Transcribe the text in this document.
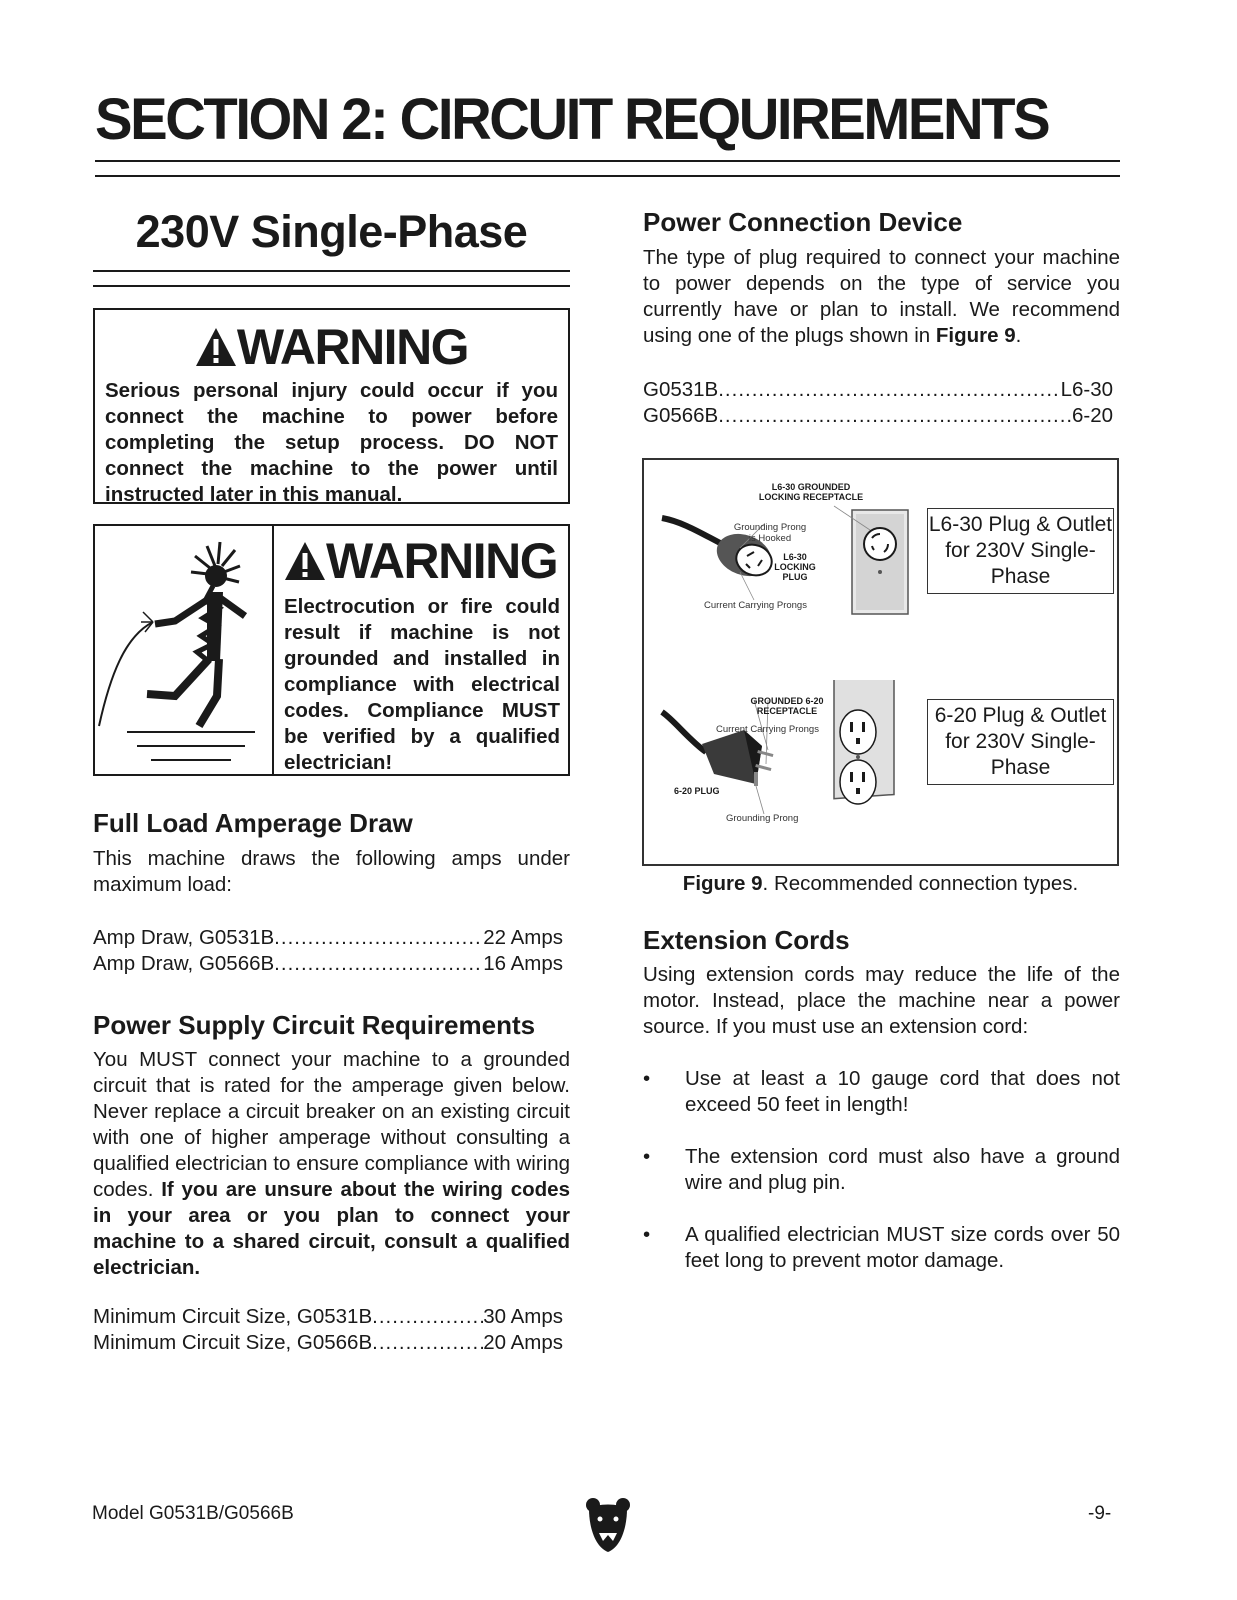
SECTION 2: CIRCUIT REQUIREMENTS
230V Single-Phase
WARNING
Serious personal injury could occur if you connect the machine to power before completing the setup process. DO NOT connect the machine to the power until instructed later in this manual.
WARNING
Electrocution or fire could result if machine is not grounded and installed in compliance with electrical codes. Compliance MUST be verified by a qualified electrician!
Full Load Amperage Draw
This machine draws the following amps under maximum load:
Amp Draw, G0531B .....	22 Amps
Amp Draw, G0566B .....	16 Amps
Power Supply Circuit Requirements
You MUST connect your machine to a grounded circuit that is rated for the amperage given below. Never replace a circuit breaker on an existing circuit with one of higher amperage without consulting a qualified electrician to ensure compliance with wiring codes. If you are unsure about the wiring codes in your area or you plan to connect your machine to a shared circuit, consult a qualified electrician.
Minimum Circuit Size, G0531B .....	30 Amps
Minimum Circuit Size, G0566B .....	20 Amps
Power Connection Device
The type of plug required to connect your machine to power depends on the type of service you currently have or plan to install. We recommend using one of the plugs shown in Figure 9.
G0531B .....	L6-30
G0566B .....	6-20
L6-30 GROUNDED LOCKING RECEPTACLE
Grounding Prong is Hooked
L6-30 LOCKING PLUG
Current Carrying Prongs
L6-30 Plug & Outlet for 230V Single-Phase
GROUNDED 6-20 RECEPTACLE
Current Carrying Prongs
6-20 PLUG
Grounding Prong
6-20 Plug & Outlet for 230V Single-Phase
Figure 9. Recommended connection types.
Extension Cords
Using extension cords may reduce the life of the motor. Instead, place the machine near a power source. If you must use an extension cord:
•	Use at least a 10 gauge cord that does not exceed 50 feet in length!
•	The extension cord must also have a ground wire and plug pin.
•	A qualified electrician MUST size cords over 50 feet long to prevent motor damage.
Model G0531B/G0566B	-9-
